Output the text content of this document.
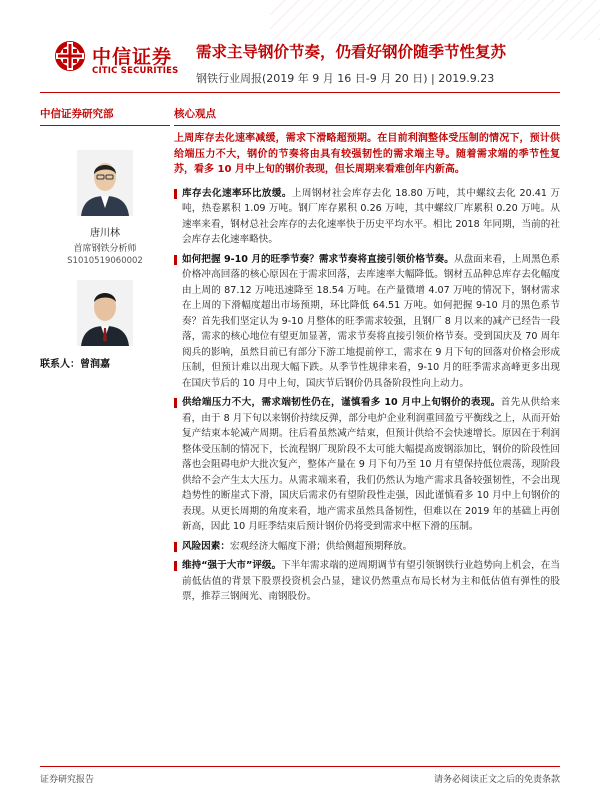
中信证券
CITIC SECURITIES
需求主导钢价节奏，仍看好钢价随季节性复苏
钢铁行业周报(2019 年 9 月 16 日-9 月 20 日) | 2019.9.23
中信证券研究部
唐川林
首席钢铁分析师
S1010519060002
联系人：曾润嘉
核心观点
上周库存去化速率减缓，需求下滑略超预期。在目前利润整体受压制的情况下，预计供给端压力不大，钢价的节奏将由具有较强韧性的需求端主导。随着需求端的季节性复苏，看多 10 月中上旬的钢价表现，但长周期来看难创年内新高。
库存去化速率环比放缓。上周钢材社会库存去化 18.80 万吨，其中螺纹去化 20.41 万吨，热卷累积 1.09 万吨。钢厂库存累积 0.26 万吨，其中螺纹厂库累积 0.20 万吨。从速率来看，钢材总社会库存的去化速率快于历史平均水平。相比 2018 年同期，当前的社会库存去化速率略快。
如何把握 9-10 月的旺季节奏？需求节奏将直接引领价格节奏。从盘面来看，上周黑色系价格冲高回落的核心原因在于需求回落，去库速率大幅降低。钢材五品种总库存去化幅度由上周的 87.12 万吨迅速降至 18.54 万吨。在产量微增 4.07 万吨的情况下，钢材需求在上周的下滑幅度超出市场预期，环比降低 64.51 万吨。如何把握 9-10 月的黑色系节奏？首先我们坚定认为 9-10 月整体的旺季需求较强，且钢厂 8 月以来的减产已经告一段落，需求的核心地位有望更加显著，需求节奏将直接引领价格节奏。受到国庆及 70 周年阅兵的影响，虽然目前已有部分下游工地提前停工，需求在 9 月下旬的回落对价格会形成压制，但预计难以出现大幅下跌。从季节性规律来看，9-10 月的旺季需求高峰更多出现在国庆节后的 10 月中上旬，国庆节后钢价仍具备阶段性向上动力。
供给端压力不大，需求端韧性仍在，谨慎看多 10 月中上旬钢价的表现。首先从供给来看，由于 8 月下旬以来钢价持续反弹，部分电炉企业利润重回盈亏平衡线之上，从而开始复产结束本轮减产周期。往后看虽然减产结束，但预计供给不会快速增长。原因在于利润整体受压制的情况下，长流程钢厂现阶段不太可能大幅提高废钢添加比，钢价的阶段性回落也会阻碍电炉大批次复产，整体产量在 9 月下旬乃至 10 月有望保持低位震荡，现阶段供给不会产生太大压力。从需求端来看，我们仍然认为地产需求具备较强韧性，不会出现趋势性的断崖式下滑，国庆后需求仍有望阶段性走强，因此谨慎看多 10 月中上旬钢价的表现。从更长周期的角度来看，地产需求虽然具备韧性，但难以在 2019 年的基础上再创新高，因此 10 月旺季结束后预计钢价仍将受到需求中枢下滑的压制。
风险因素：宏观经济大幅度下滑；供给侧超预期释放。
维持“强于大市”评级。下半年需求端的逆周期调节有望引领钢铁行业趋势向上机会，在当前低估值的背景下股票投资机会凸显，建议仍然重点布局长材为主和低估值有弹性的股票，推荐三钢闽光、南钢股份。
证券研究报告	请务必阅读正文之后的免责条款
